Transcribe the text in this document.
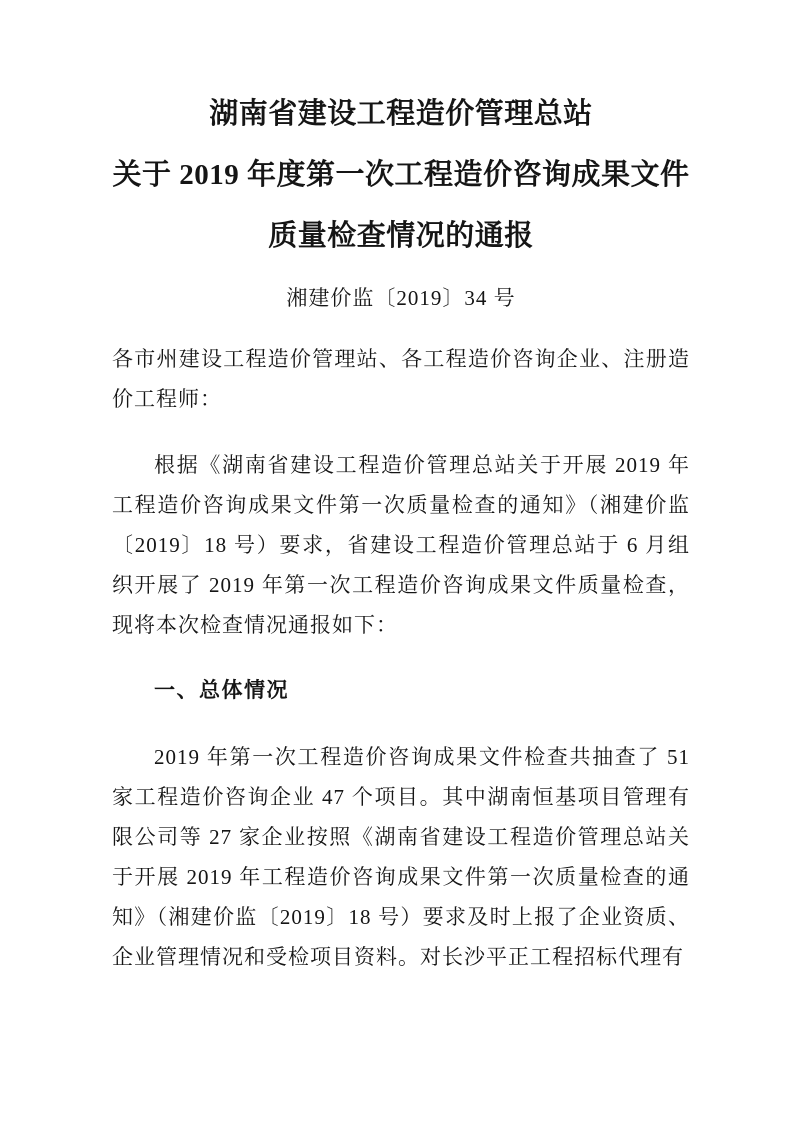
湖南省建设工程造价管理总站
关于 2019 年度第一次工程造价咨询成果文件
质量检查情况的通报
湘建价监〔2019〕34 号

各市州建设工程造价管理站、各工程造价咨询企业、注册造价工程师：

根据《湖南省建设工程造价管理总站关于开展 2019 年工程造价咨询成果文件第一次质量检查的通知》（湘建价监〔2019〕18 号）要求，省建设工程造价管理总站于 6 月组织开展了 2019 年第一次工程造价咨询成果文件质量检查，现将本次检查情况通报如下：

一、总体情况

2019 年第一次工程造价咨询成果文件检查共抽查了 51 家工程造价咨询企业 47 个项目。其中湖南恒基项目管理有限公司等 27 家企业按照《湖南省建设工程造价管理总站关于开展 2019 年工程造价咨询成果文件第一次质量检查的通知》（湘建价监〔2019〕18 号）要求及时上报了企业资质、企业管理情况和受检项目资料。对长沙平正工程招标代理有
